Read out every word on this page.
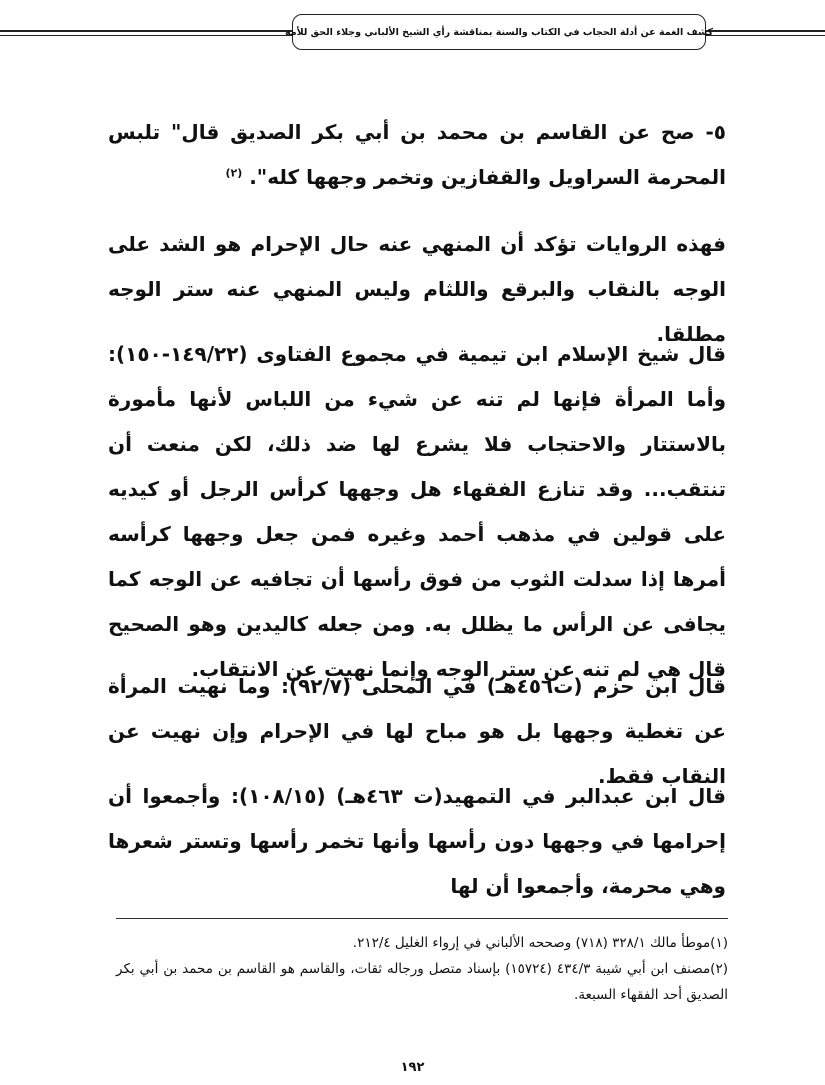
كشف الغمة عن أدلة الحجاب في الكتاب والسنة بمناقشة رأي الشيخ الألباني وجلاء الحق للأمة

٥- صح عن القاسم بن محمد بن أبي بكر الصديق قال" تلبس المحرمة السراويل والقفازين وتخمر وجهها كله". $^{(٢)}$

فهذه الروايات تؤكد أن المنهي عنه حال الإحرام هو الشد على الوجه بالنقاب والبرقع واللثام وليس المنهي عنه ستر الوجه مطلقا.

قال شيخ الإسلام ابن تيمية في مجموع الفتاوى (١٤٩/٢٢-١٥٠): وأما المرأة فإنها لم تنه عن شيء من اللباس لأنها مأمورة بالاستتار والاحتجاب فلا يشرع لها ضد ذلك، لكن منعت أن تنتقب... وقد تنازع الفقهاء هل وجهها كرأس الرجل أو كيديه على قولين في مذهب أحمد وغيره فمن جعل وجهها كرأسه أمرها إذا سدلت الثوب من فوق رأسها أن تجافيه عن الوجه كما يجافى عن الرأس ما يظلل به. ومن جعله كاليدين وهو الصحيح قال هي لم تنه عن ستر الوجه وإنما نهيت عن الانتقاب.

قال ابن حزم (ت٤٥٦هـ) في المحلى (٩٢/٧): وما نهيت المرأة عن تغطية وجهها بل هو مباح لها في الإحرام وإن نهيت عن النقاب فقط.

قال ابن عبدالبر في التمهيد(ت ٤٦٣هـ) (١٠٨/١٥): وأجمعوا أن إحرامها في وجهها دون رأسها وأنها تخمر رأسها وتستر شعرها وهي محرمة، وأجمعوا أن لها

(١)موطأ مالك ٣٢٨/١ (٧١٨) وصححه الألباني في إرواء الغليل ٢١٢/٤.

(٢)مصنف ابن أبي شيبة ٤٣٤/٣ (١٥٧٢٤) بإسناد متصل ورجاله ثقات، والقاسم هو القاسم بن محمد بن أبي بكر الصديق أحد الفقهاء السبعة.

١٩٢
